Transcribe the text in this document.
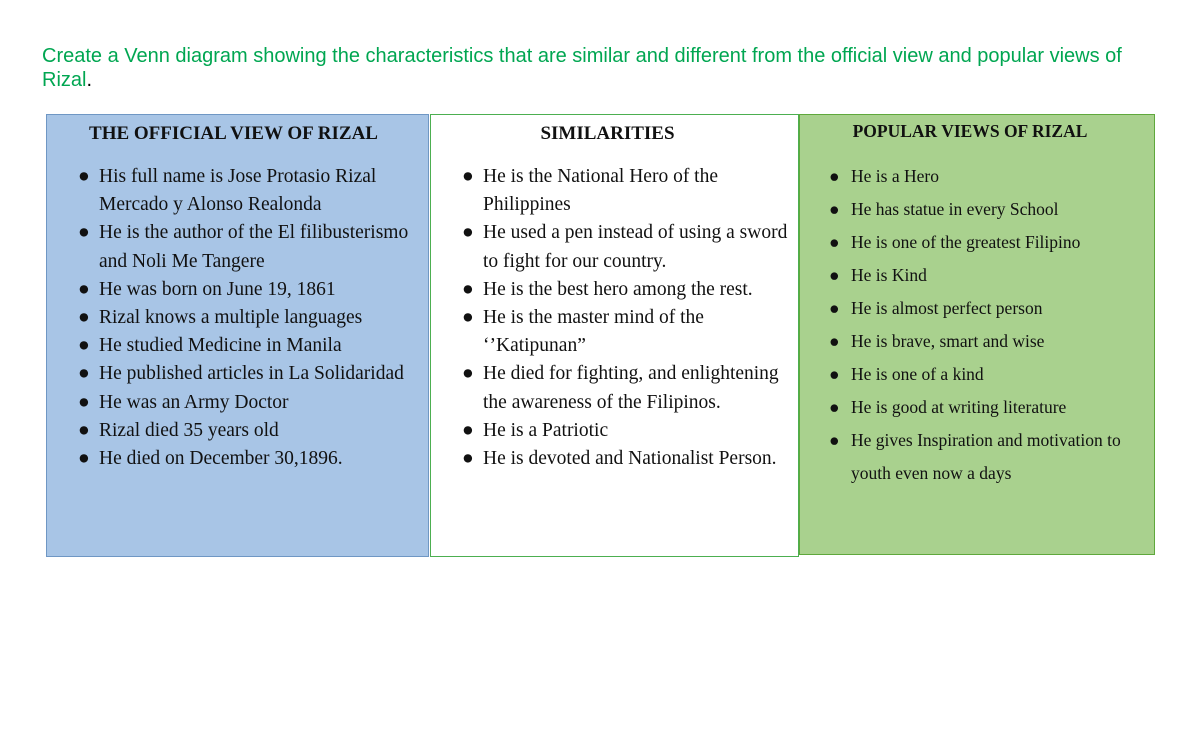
Create a Venn diagram showing the characteristics that are similar and different from the official view and popular views of Rizal.
THE OFFICIAL VIEW OF RIZAL
● His full name is Jose Protasio Rizal Mercado y Alonso Realonda
● He is the author of the El filibusterismo and Noli Me Tangere
● He was born on June 19, 1861
● Rizal knows a multiple languages
● He studied Medicine in Manila
● He published articles in La Solidaridad
● He was an Army Doctor
● Rizal died 35 years old
● He died on December 30,1896.
SIMILARITIES
● He is the National Hero of the Philippines
● He used a pen instead of using a sword to fight for our country.
● He is the best hero among the rest.
● He is the master mind of the ‘’Katipunan”
● He died for fighting, and enlightening the awareness of the Filipinos.
● He is a Patriotic
● He is devoted and Nationalist Person.
POPULAR VIEWS OF RIZAL
● He is a Hero
● He has statue in every School
● He is one of the greatest Filipino
● He is Kind
● He is almost perfect person
● He is brave, smart and wise
● He is one of a kind
● He is good at writing literature
● He gives Inspiration and motivation to youth even now a days
